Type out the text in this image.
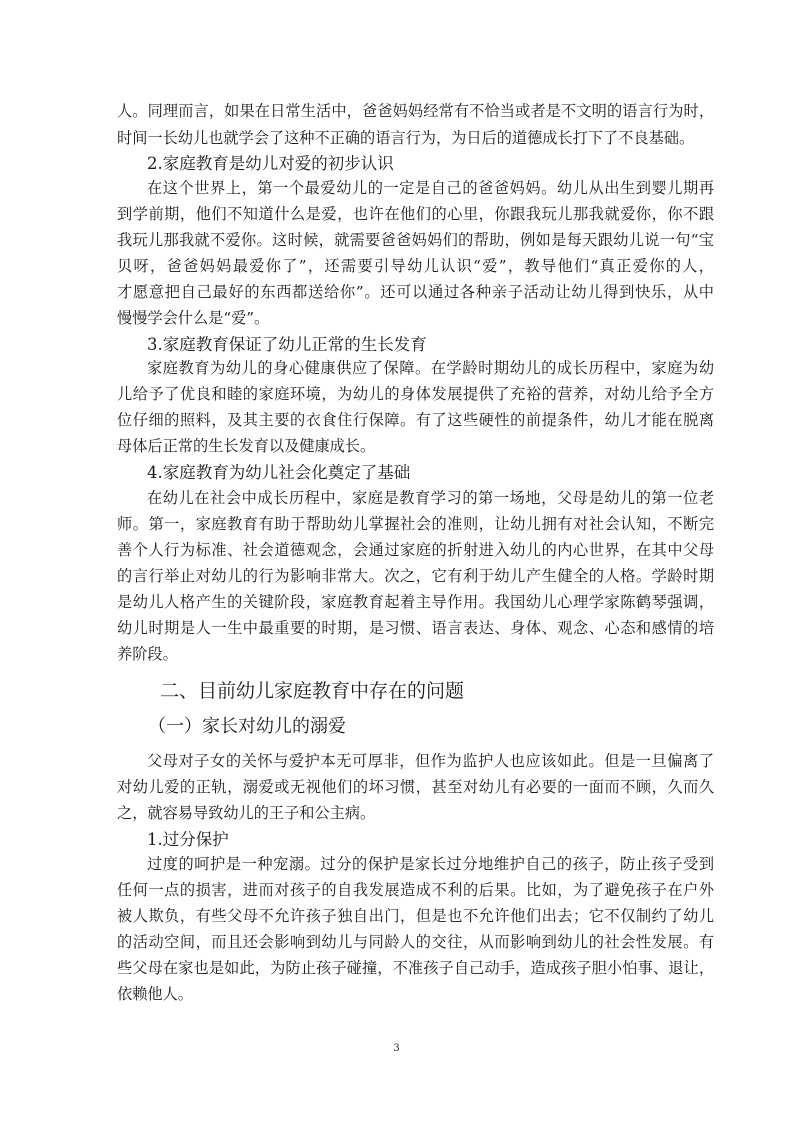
人。同理而言，如果在日常生活中，爸爸妈妈经常有不恰当或者是不文明的语言行为时，
时间一长幼儿也就学会了这种不正确的语言行为，为日后的道德成长打下了不良基础。
2.家庭教育是幼儿对爱的初步认识
在这个世界上，第一个最爱幼儿的一定是自己的爸爸妈妈。幼儿从出生到婴儿期再
到学前期，他们不知道什么是爱，也许在他们的心里，你跟我玩儿那我就爱你，你不跟
我玩儿那我就不爱你。这时候，就需要爸爸妈妈们的帮助，例如是每天跟幼儿说一句“宝
贝呀，爸爸妈妈最爱你了”，还需要引导幼儿认识“爱”，教导他们“真正爱你的人，
才愿意把自己最好的东西都送给你”。还可以通过各种亲子活动让幼儿得到快乐，从中
慢慢学会什么是“爱”。
3.家庭教育保证了幼儿正常的生长发育
家庭教育为幼儿的身心健康供应了保障。在学龄时期幼儿的成长历程中，家庭为幼
儿给予了优良和睦的家庭环境，为幼儿的身体发展提供了充裕的营养，对幼儿给予全方
位仔细的照料，及其主要的衣食住行保障。有了这些硬性的前提条件，幼儿才能在脱离
母体后正常的生长发育以及健康成长。
4.家庭教育为幼儿社会化奠定了基础
在幼儿在社会中成长历程中，家庭是教育学习的第一场地，父母是幼儿的第一位老
师。第一，家庭教育有助于帮助幼儿掌握社会的准则，让幼儿拥有对社会认知，不断完
善个人行为标准、社会道德观念，会通过家庭的折射进入幼儿的内心世界，在其中父母
的言行举止对幼儿的行为影响非常大。次之，它有利于幼儿产生健全的人格。学龄时期
是幼儿人格产生的关键阶段，家庭教育起着主导作用。我国幼儿心理学家陈鹤琴强调，
幼儿时期是人一生中最重要的时期，是习惯、语言表达、身体、观念、心态和感情的培
养阶段。
二、目前幼儿家庭教育中存在的问题
（一）家长对幼儿的溺爱
父母对子女的关怀与爱护本无可厚非，但作为监护人也应该如此。但是一旦偏离了
对幼儿爱的正轨，溺爱或无视他们的坏习惯，甚至对幼儿有必要的一面而不顾，久而久
之，就容易导致幼儿的王子和公主病。
1.过分保护
过度的呵护是一种宠溺。过分的保护是家长过分地维护自己的孩子，防止孩子受到
任何一点的损害，进而对孩子的自我发展造成不利的后果。比如，为了避免孩子在户外
被人欺负，有些父母不允许孩子独自出门，但是也不允许他们出去；它不仅制约了幼儿
的活动空间，而且还会影响到幼儿与同龄人的交往，从而影响到幼儿的社会性发展。有
些父母在家也是如此，为防止孩子碰撞，不准孩子自己动手，造成孩子胆小怕事、退让，
依赖他人。
3
